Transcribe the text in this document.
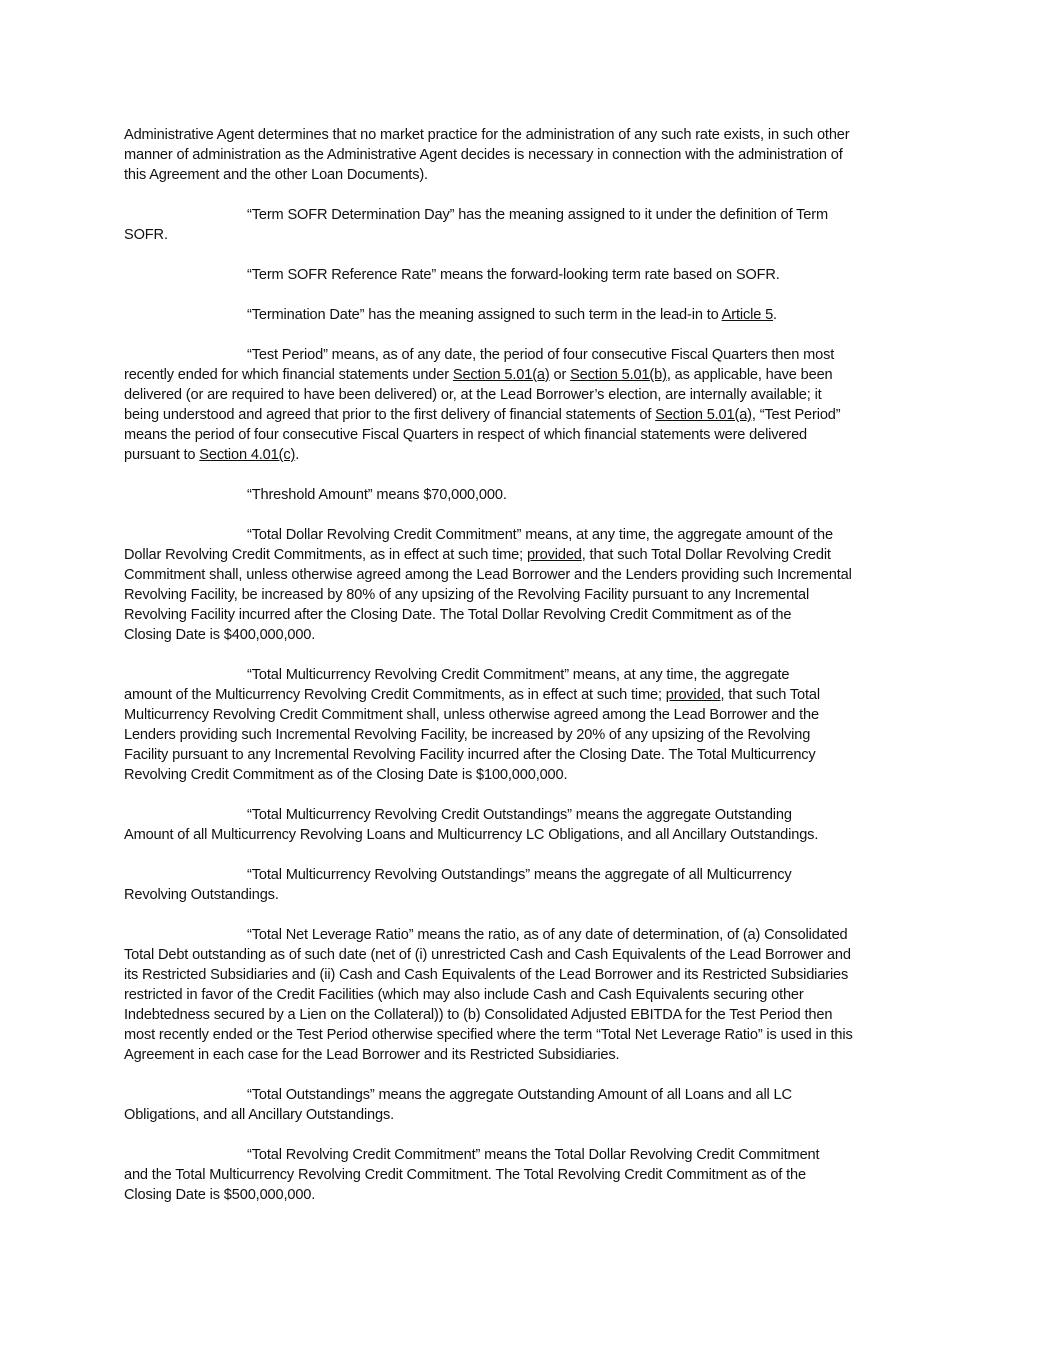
Administrative Agent determines that no market practice for the administration of any such rate exists, in such other
manner of administration as the Administrative Agent decides is necessary in connection with the administration of
this Agreement and the other Loan Documents).
“Term SOFR Determination Day” has the meaning assigned to it under the definition of Term
SOFR.
“Term SOFR Reference Rate” means the forward-looking term rate based on SOFR.
“Termination Date” has the meaning assigned to such term in the lead-in to Article 5.
“Test Period” means, as of any date, the period of four consecutive Fiscal Quarters then most
recently ended for which financial statements under Section 5.01(a) or Section 5.01(b), as applicable, have been
delivered (or are required to have been delivered) or, at the Lead Borrower’s election, are internally available; it
being understood and agreed that prior to the first delivery of financial statements of Section 5.01(a), “Test Period”
means the period of four consecutive Fiscal Quarters in respect of which financial statements were delivered
pursuant to Section 4.01(c).
“Threshold Amount” means $70,000,000.
“Total Dollar Revolving Credit Commitment” means, at any time, the aggregate amount of the
Dollar Revolving Credit Commitments, as in effect at such time; provided, that such Total Dollar Revolving Credit
Commitment shall, unless otherwise agreed among the Lead Borrower and the Lenders providing such Incremental
Revolving Facility, be increased by 80% of any upsizing of the Revolving Facility pursuant to any Incremental
Revolving Facility incurred after the Closing Date. The Total Dollar Revolving Credit Commitment as of the
Closing Date is $400,000,000.
“Total Multicurrency Revolving Credit Commitment” means, at any time, the aggregate
amount of the Multicurrency Revolving Credit Commitments, as in effect at such time; provided, that such Total
Multicurrency Revolving Credit Commitment shall, unless otherwise agreed among the Lead Borrower and the
Lenders providing such Incremental Revolving Facility, be increased by 20% of any upsizing of the Revolving
Facility pursuant to any Incremental Revolving Facility incurred after the Closing Date. The Total Multicurrency
Revolving Credit Commitment as of the Closing Date is $100,000,000.
“Total Multicurrency Revolving Credit Outstandings” means the aggregate Outstanding
Amount of all Multicurrency Revolving Loans and Multicurrency LC Obligations, and all Ancillary Outstandings.
“Total Multicurrency Revolving Outstandings” means the aggregate of all Multicurrency
Revolving Outstandings.
“Total Net Leverage Ratio” means the ratio, as of any date of determination, of (a) Consolidated
Total Debt outstanding as of such date (net of (i) unrestricted Cash and Cash Equivalents of the Lead Borrower and
its Restricted Subsidiaries and (ii) Cash and Cash Equivalents of the Lead Borrower and its Restricted Subsidiaries
restricted in favor of the Credit Facilities (which may also include Cash and Cash Equivalents securing other
Indebtedness secured by a Lien on the Collateral)) to (b) Consolidated Adjusted EBITDA for the Test Period then
most recently ended or the Test Period otherwise specified where the term “Total Net Leverage Ratio” is used in this
Agreement in each case for the Lead Borrower and its Restricted Subsidiaries.
“Total Outstandings” means the aggregate Outstanding Amount of all Loans and all LC
Obligations, and all Ancillary Outstandings.
“Total Revolving Credit Commitment” means the Total Dollar Revolving Credit Commitment
and the Total Multicurrency Revolving Credit Commitment. The Total Revolving Credit Commitment as of the
Closing Date is $500,000,000.
